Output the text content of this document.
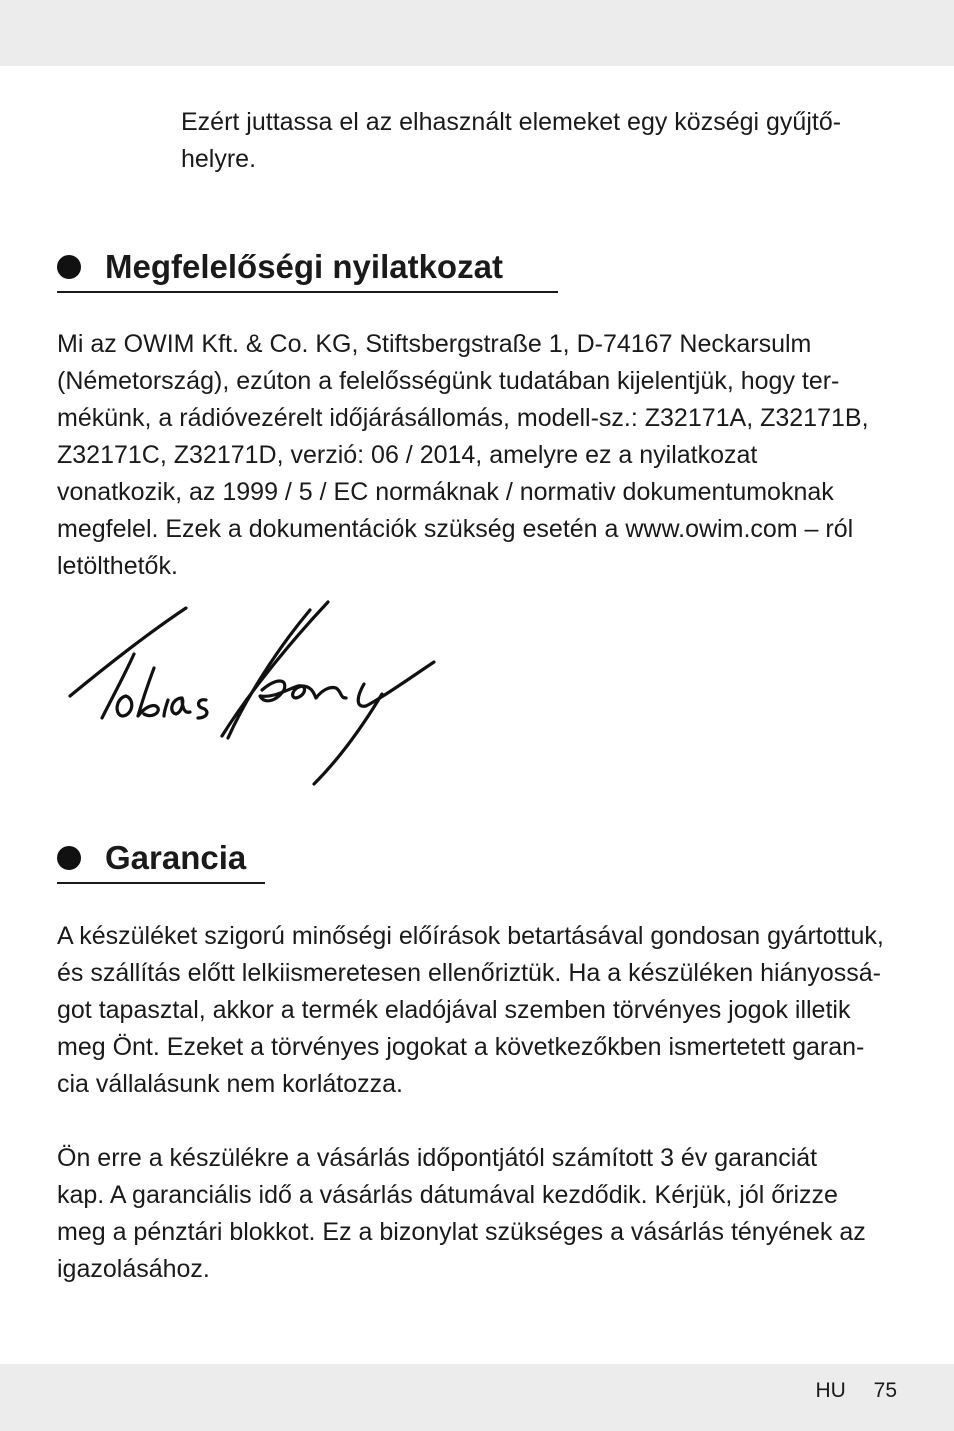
Ezért juttassa el az elhasznált elemeket egy községi gyűjtő-
helyre.

Megfelelőségi nyilatkozat

Mi az OWIM Kft. & Co. KG, Stiftsbergstraße 1, D-74167 Neckarsulm
(Németország), ezúton a felelősségünk tudatában kijelentjük, hogy ter-
mékünk, a rádióvezérelt időjárásállomás, modell-sz.: Z32171A, Z32171B,
Z32171C, Z32171D, verzió: 06 / 2014, amelyre ez a nyilatkozat
vonatkozik, az 1999 / 5 / EC normáknak / normativ dokumentumoknak
megfelel. Ezek a dokumentációk szükség esetén a www.owim.com – ról
letölthetők.

Garancia

A készüléket szigorú minőségi előírások betartásával gondosan gyártottuk,
és szállítás előtt lelkiismeretesen ellenőriztük. Ha a készüléken hiányossá-
got tapasztal, akkor a termék eladójával szemben törvényes jogok illetik
meg Önt. Ezeket a törvényes jogokat a következőkben ismertetett garan-
cia vállalásunk nem korlátozza.

Ön erre a készülékre a vásárlás időpontjától számított 3 év garanciát
kap. A garanciális idő a vásárlás dátumával kezdődik. Kérjük, jól őrizze
meg a pénztári blokkot. Ez a bizonylat szükséges a vásárlás tényének az
igazolásához.

HU 75
